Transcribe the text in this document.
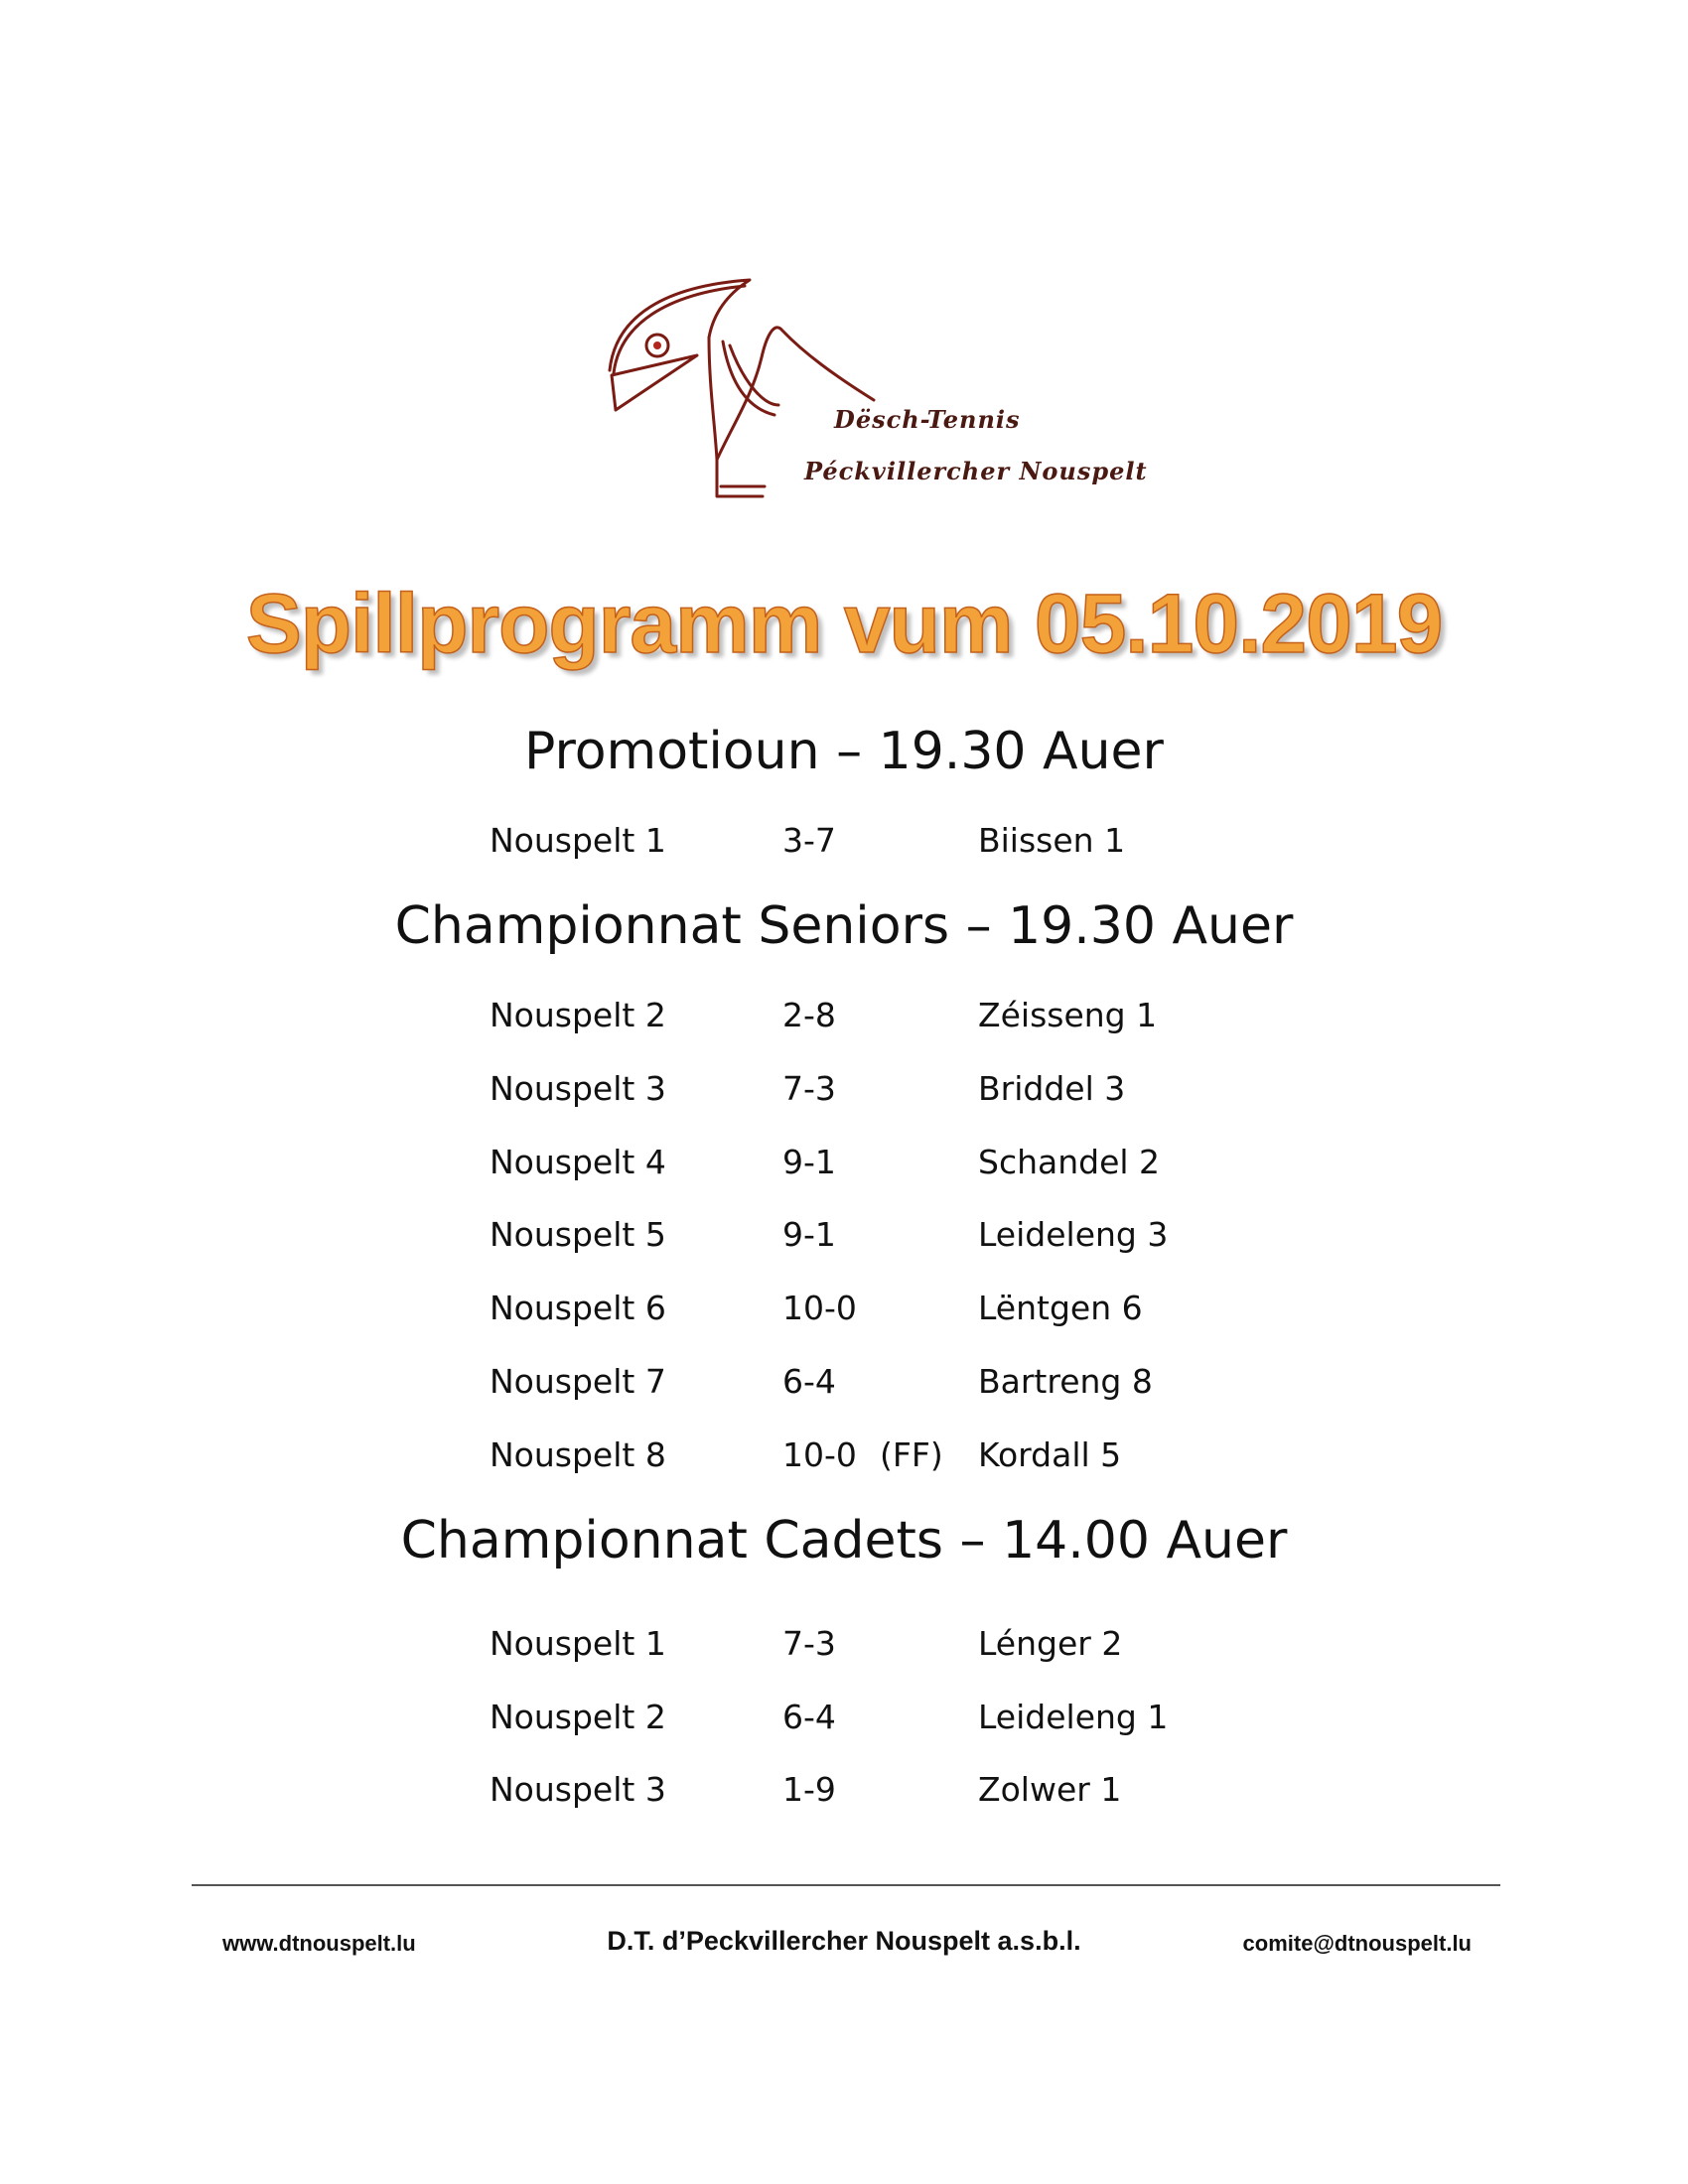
Dësch-Tennis
Péckvillercher Nouspelt
Spillprogramm vum 05.10.2019
Promotioun – 19.30 Auer
Nouspelt 1	3-7	Biissen 1
Championnat Seniors – 19.30 Auer
Nouspelt 2	2-8	Zéisseng 1
Nouspelt 3	7-3	Briddel 3
Nouspelt 4	9-1	Schandel 2
Nouspelt 5	9-1	Leideleng 3
Nouspelt 6	10-0	Lëntgen 6
Nouspelt 7	6-4	Bartreng 8
Nouspelt 8	10-0 (FF) Kordall 5
Championnat Cadets – 14.00 Auer
Nouspelt 1	7-3	Lénger 2
Nouspelt 2	6-4	Leideleng 1
Nouspelt 3	1-9	Zolwer 1
www.dtnouspelt.lu	D.T. d’Peckvillercher Nouspelt a.s.b.l.	comite@dtnouspelt.lu
